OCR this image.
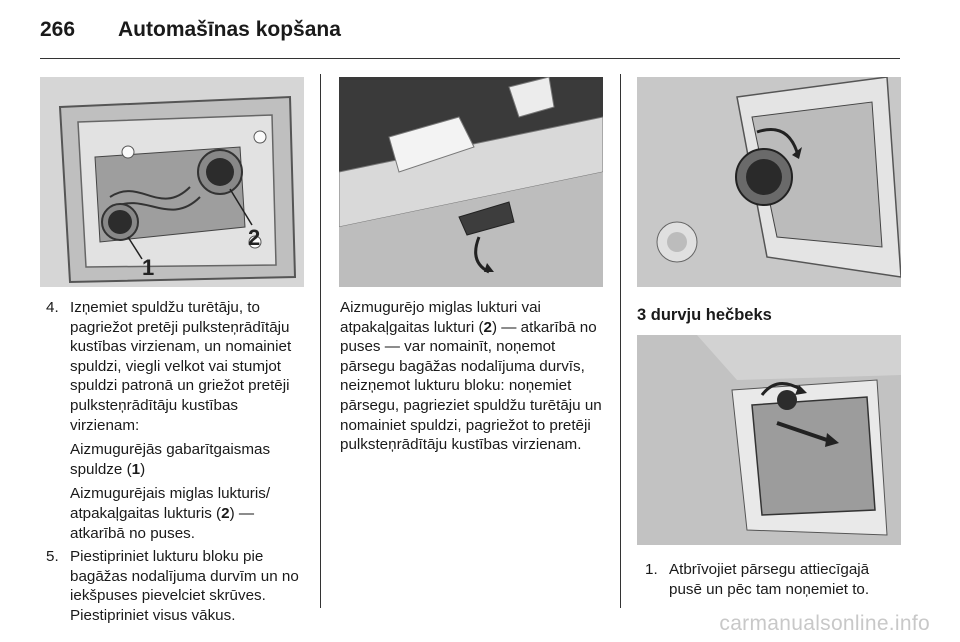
266	Automašīnas kopšana
2
1
4. Izņemiet spuldžu turētāju, to pagriežot pretēji pulksteņrādītāju kustības virzienam, un nomainiet spuldzi, viegli velkot vai stumjot spuldzi patronā un griežot pretēji pulksteņrādītāju kustības virzienam:
Aizmugurējās gabarītgaismas spuldze (1)
Aizmugurējais miglas lukturis/ atpakaļgaitas lukturis (2) — atkarībā no puses.
5. Piestipriniet lukturu bloku pie bagāžas nodalījuma durvīm un no iekšpuses pievelciet skrūves. Piestipriniet visus vākus.
Aizmugurējo miglas lukturi vai atpakaļgaitas lukturi (2) — atkarībā no puses — var nomainīt, noņemot pārsegu bagāžas nodalījuma durvīs, neizņemot lukturu bloku: noņemiet pārsegu, pagrieziet spuldžu turētāju un nomainiet spuldzi, pagriežot to pretēji pulksteņrādītāju kustības virzienam.
3 durvju hečbeks
1. Atbrīvojiet pārsegu attiecīgajā pusē un pēc tam noņemiet to.
carmanualsonline.info
